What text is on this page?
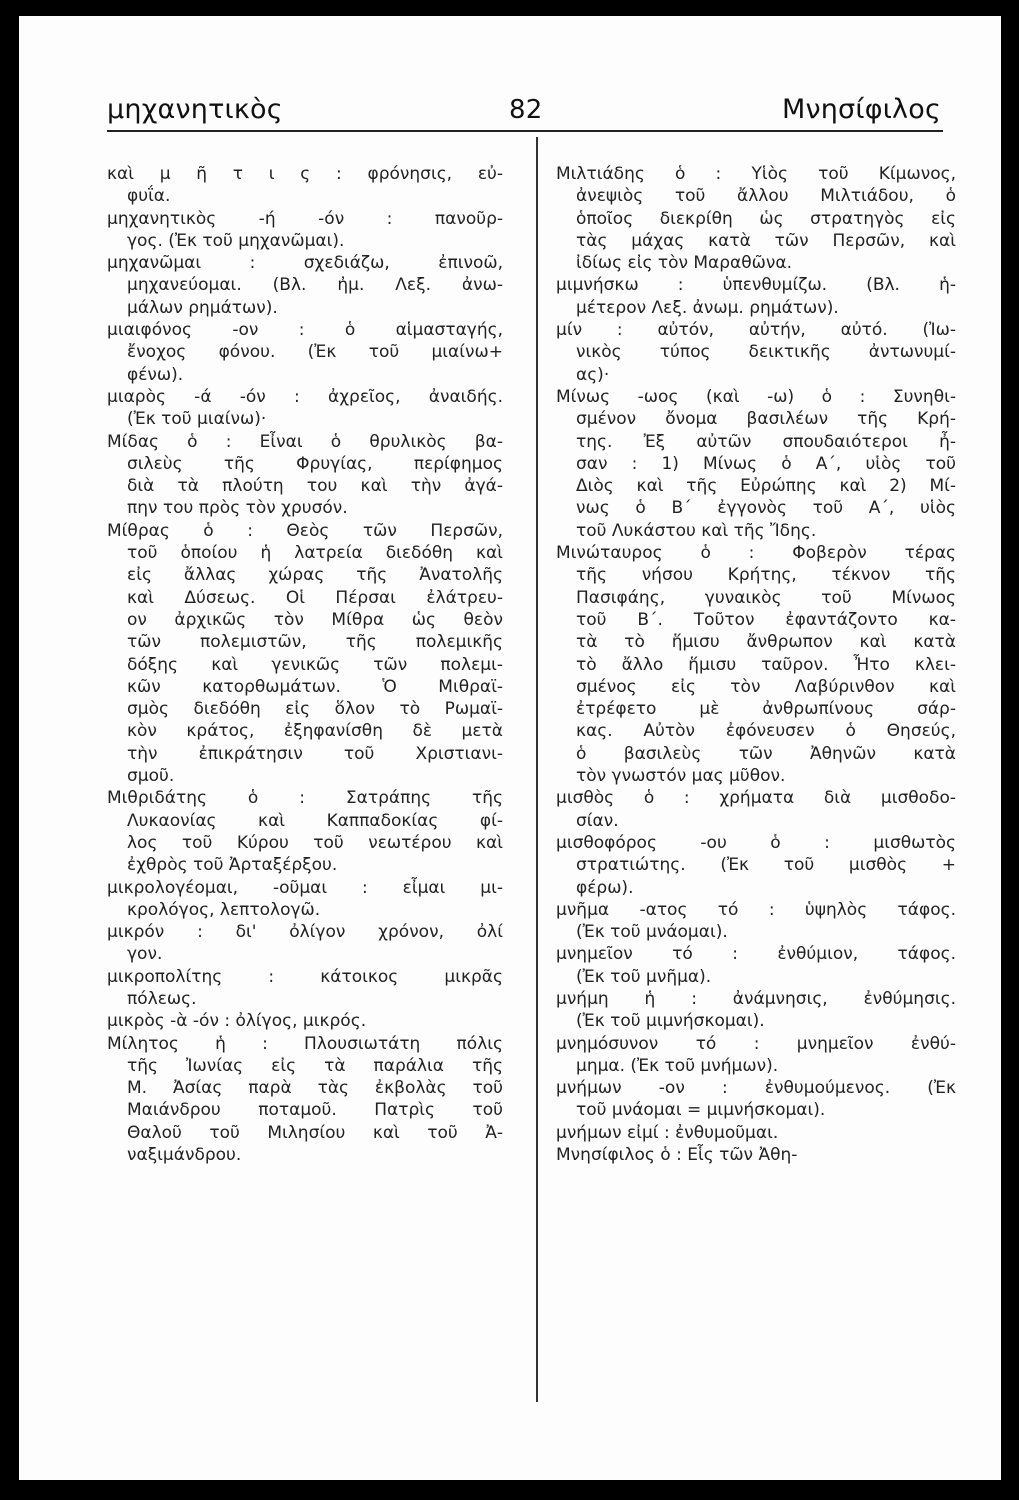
μηχανητικὸς	82	Μνησίφιλος
καὶ μ ῆ τ ι ς : φρόνησις, εὐ-
φυΐα.
μηχανητικὸς -ή -όν : πανοῦρ-
γος. (Ἐκ τοῦ μηχανῶμαι).
μηχανῶμαι : σχεδιάζω, ἐπινοῶ,
μηχανεύομαι. (Βλ. ἠμ. Λεξ. ἀνω-
μάλων ρημάτων).
μιαιφόνος -ον : ὁ αἱμασταγής,
ἔνοχος φόνου. (Ἐκ τοῦ μιαίνω+
φένω).
μιαρὸς -ά -όν : ἀχρεῖος, ἀναιδής.
(Ἐκ τοῦ μιαίνω)·
Μίδας ὁ : Εἶναι ὁ θρυλικὸς βα-
σιλεὺς τῆς Φρυγίας, περίφημος
διὰ τὰ πλούτη του καὶ τὴν ἀγά-
πην του πρὸς τὸν χρυσόν.
Μίθρας ὁ : Θεὸς τῶν Περσῶν,
τοῦ ὁποίου ἡ λατρεία διεδόθη καὶ
εἰς ἄλλας χώρας τῆς Ἀνατολῆς
καὶ Δύσεως. Οἱ Πέρσαι ἐλάτρευ-
ον ἀρχικῶς τὸν Μίθρα ὡς θεὸν
τῶν πολεμιστῶν, τῆς πολεμικῆς
δόξης καὶ γενικῶς τῶν πολεμι-
κῶν κατορθωμάτων. Ὁ Μιθραϊ-
σμὸς διεδόθη εἰς ὅλον τὸ Ρωμαϊ-
κὸν κράτος, ἐξηφανίσθη δὲ μετὰ
τὴν ἐπικράτησιν τοῦ Χριστιανι-
σμοῦ.
Μιθριδάτης ὁ : Σατράπης τῆς
Λυκαονίας καὶ Καππαδοκίας φί-
λος τοῦ Κύρου τοῦ νεωτέρου καὶ
ἐχθρὸς τοῦ Ἀρταξέρξου.
μικρολογέομαι, -οῦμαι : εἶμαι μι-
κρολόγος, λεπτολογῶ.
μικρόν : δι' ὀλίγον χρόνον, ὀλί
γον.
μικροπολίτης : κάτοικος μικρᾶς
πόλεως.
μικρὸς -ὰ -όν : ὀλίγος, μικρός.
Μίλητος ἡ : Πλουσιωτάτη πόλις
τῆς Ἰωνίας εἰς τὰ παράλια τῆς
Μ. Ἀσίας παρὰ τὰς ἐκβολὰς τοῦ
Μαιάνδρου ποταμοῦ. Πατρὶς τοῦ
Θαλοῦ τοῦ Μιλησίου καὶ τοῦ Ἀ-
ναξιμάνδρου.
Μιλτιάδης ὁ : Υἱὸς τοῦ Κίμωνος,
ἀνεψιὸς τοῦ ἄλλου Μιλτιάδου, ὁ
ὁποῖος διεκρίθη ὡς στρατηγὸς εἰς
τὰς μάχας κατὰ τῶν Περσῶν, καὶ
ἰδίως εἰς τὸν Μαραθῶνα.
μιμνήσκω : ὑπενθυμίζω. (Βλ. ἡ-
μέτερον Λεξ. ἀνωμ. ρημάτων).
μίν : αὐτόν, αὐτήν, αὐτό. (Ἰω-
νικὸς τύπος δεικτικῆς ἀντωνυμί-
ας)·
Μίνως -ωος (καὶ -ω) ὁ : Συνηθι-
σμένον ὄνομα βασιλέων τῆς Κρή-
της. Ἐξ αὐτῶν σπουδαιότεροι ἦ-
σαν : 1) Μίνως ὁ Α΄, υἱὸς τοῦ
Διὸς καὶ τῆς Εὐρώπης καὶ 2) Μί-
νως ὁ Β΄ ἐγγονὸς τοῦ Α΄, υἱὸς
τοῦ Λυκάστου καὶ τῆς Ἴδης.
Μινώταυρος ὁ : Φοβερὸν τέρας
τῆς νήσου Κρήτης, τέκνον τῆς
Πασιφάης, γυναικὸς τοῦ Μίνωος
τοῦ Β΄. Τοῦτον ἐφαντάζοντο κα-
τὰ τὸ ἥμισυ ἄνθρωπον καὶ κατὰ
τὸ ἄλλο ἥμισυ ταῦρον. Ἦτο κλει-
σμένος εἰς τὸν Λαβύρινθον καὶ
ἐτρέφετο μὲ ἀνθρωπίνους σάρ-
κας. Αὐτὸν ἐφόνευσεν ὁ Θησεύς,
ὁ βασιλεὺς τῶν Ἀθηνῶν κατὰ
τὸν γνωστόν μας μῦθον.
μισθὸς ὁ : χρήματα διὰ μισθοδο-
σίαν.
μισθοφόρος -ου ὁ : μισθωτὸς
στρατιώτης. (Ἐκ τοῦ μισθὸς +
φέρω).
μνῆμα -ατος τό : ὑψηλὸς τάφος.
(Ἐκ τοῦ μνάομαι).
μνημεῖον τό : ἐνθύμιον, τάφος.
(Ἐκ τοῦ μνῆμα).
μνήμη ἡ : ἀνάμνησις, ἐνθύμησις.
(Ἐκ τοῦ μιμνήσκομαι).
μνημόσυνον τό : μνημεῖον ἐνθύ-
μημα. (Ἐκ τοῦ μνήμων).
μνήμων -ον : ἐνθυμούμενος. (Ἐκ
τοῦ μνάομαι = μιμνήσκομαι).
μνήμων εἰμί : ἐνθυμοῦμαι.
Μνησίφιλος ὁ : Εἷς τῶν Ἀθη-
